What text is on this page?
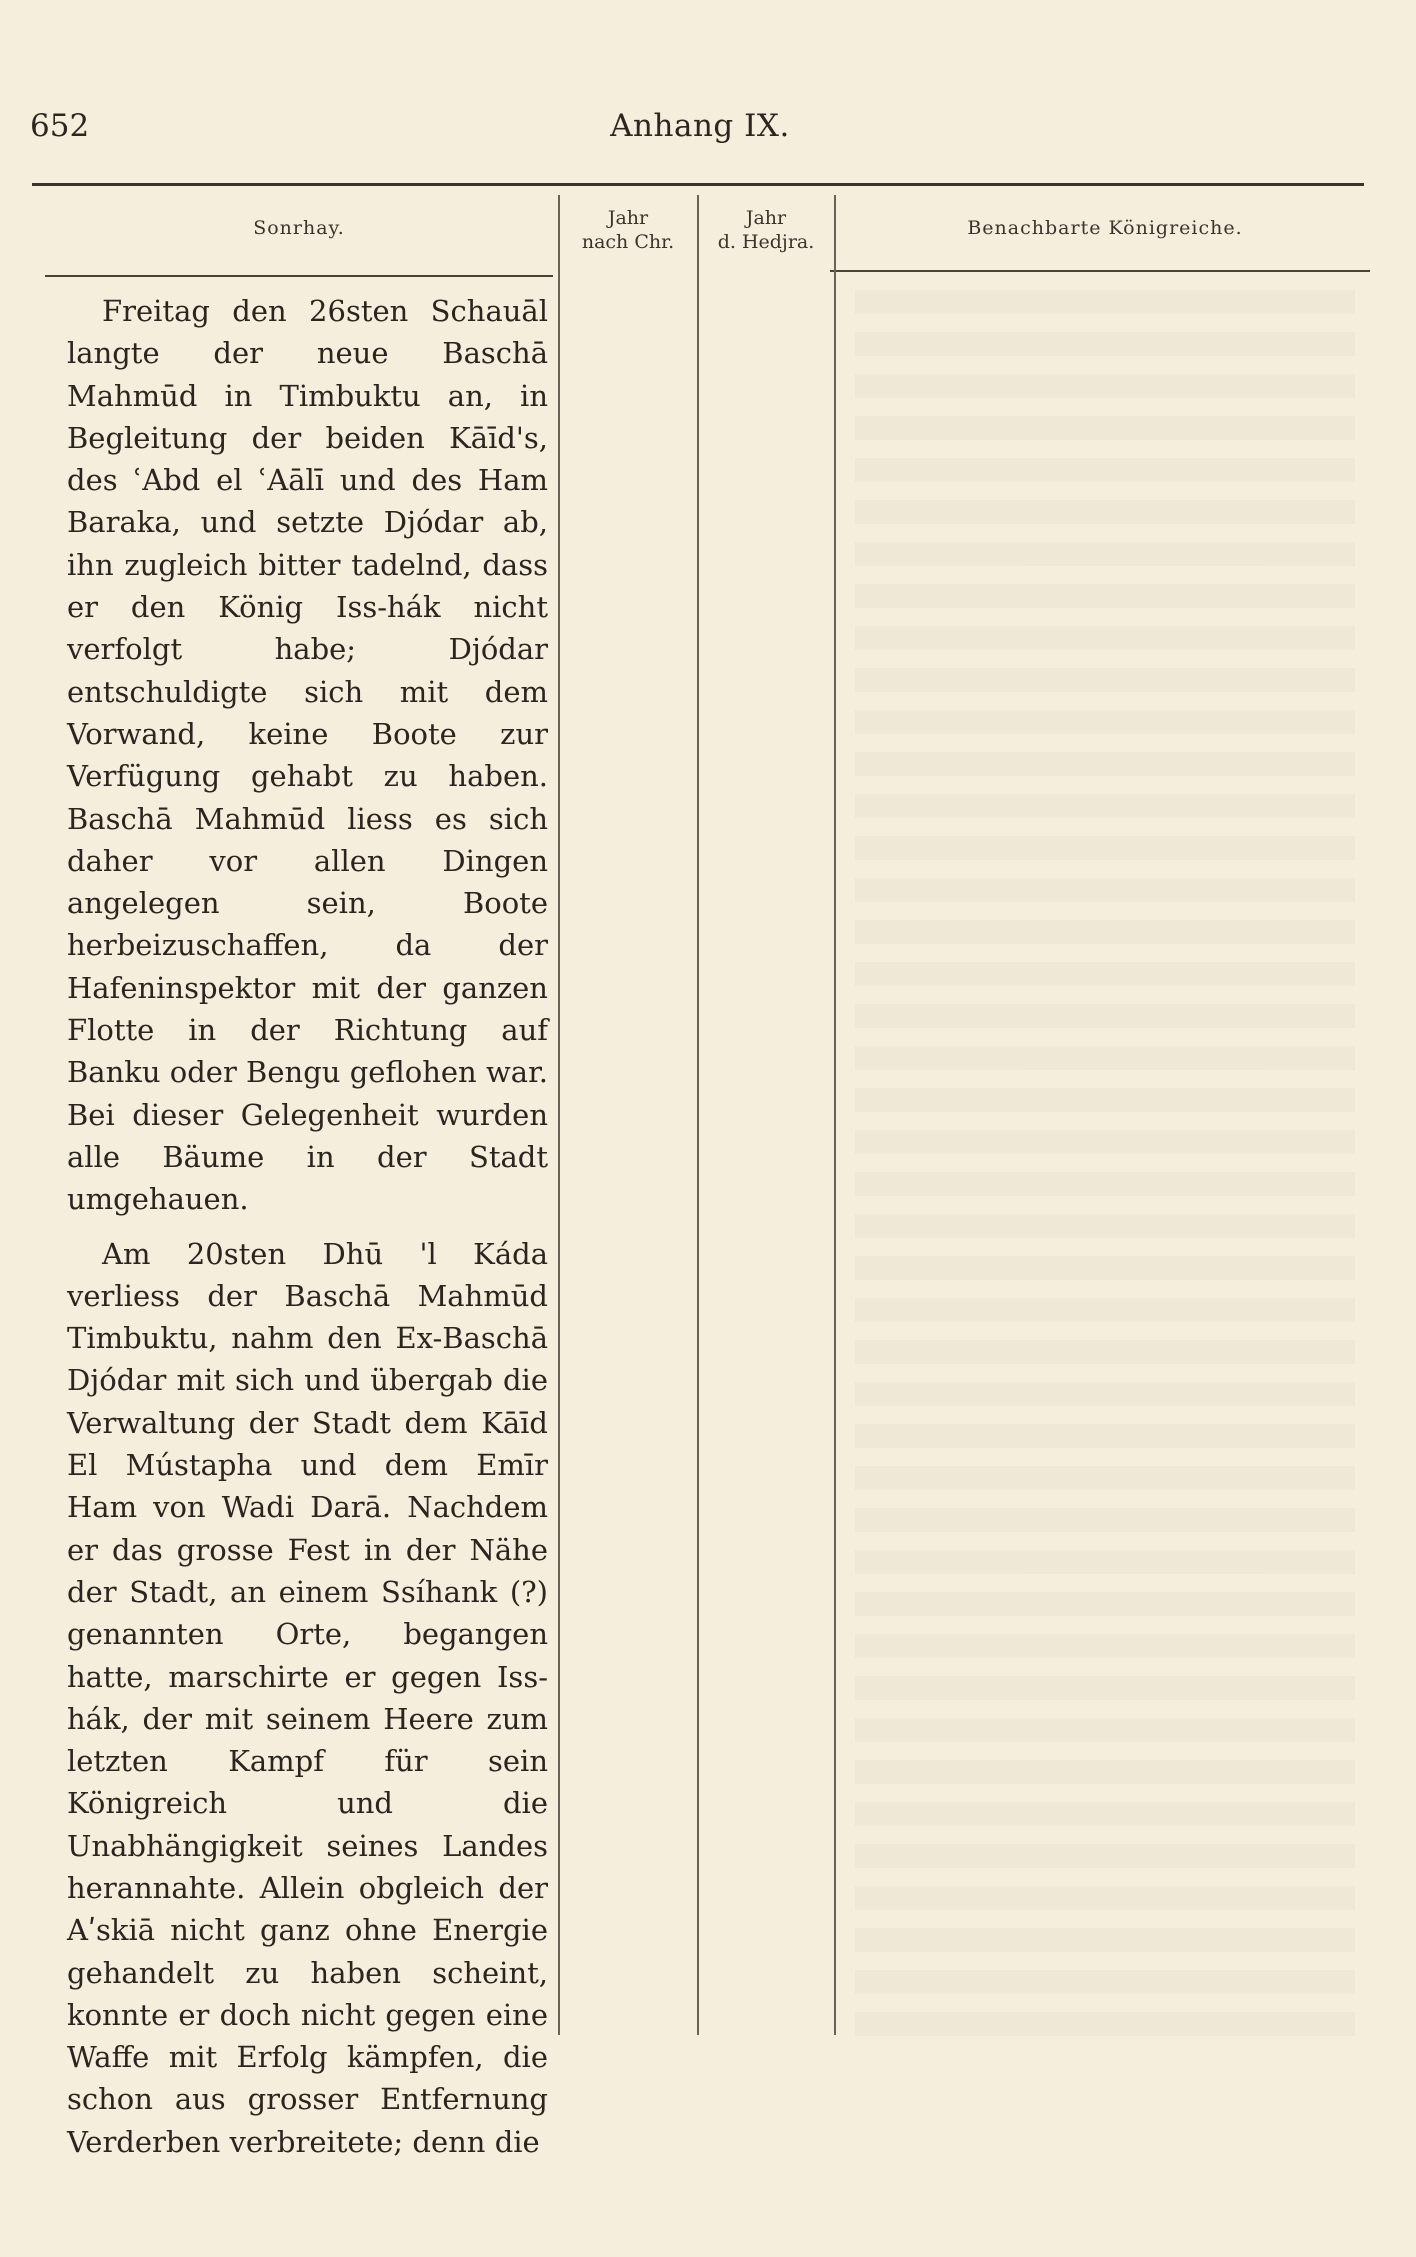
652	Anhang IX.
Sonrhay.	Jahr
nach Chr.
Jahr
d. Hedjra.
Benachbarte Königreiche.

Freitag den 26sten Schauāl langte der neue Baschā Mahmūd in Timbuktu an, in Begleitung der beiden Kāīd's, des ʿAbd el ʿAālī und des Ham Baraka, und setzte Djódar ab, ihn zugleich bitter tadelnd, dass er den König Iss-hák nicht verfolgt habe; Djódar entschuldigte sich mit dem Vorwand, keine Boote zur Verfügung gehabt zu haben. Baschā Mahmūd liess es sich daher vor allen Dingen angelegen sein, Boote herbeizuschaffen, da der Hafeninspektor mit der ganzen Flotte in der Richtung auf Banku oder Bengu geflohen war. Bei dieser Gelegenheit wurden alle Bäume in der Stadt umgehauen.

Am 20sten Dhū 'l Káda verliess der Baschā Mahmūd Timbuktu, nahm den Ex-Baschā Djódar mit sich und übergab die Verwaltung der Stadt dem Kāīd El Mústapha und dem Emīr Ham von Wadi Darā. Nachdem er das grosse Fest in der Nähe der Stadt, an einem Ssíhank (?) genannten Orte, begangen hatte, marschirte er gegen Iss-hák, der mit seinem Heere zum letzten Kampf für sein Königreich und die Unabhängigkeit seines Landes herannahte. Allein obgleich der Aʹskiā nicht ganz ohne Energie gehandelt zu haben scheint, konnte er doch nicht gegen eine Waffe mit Erfolg kämpfen, die schon aus grosser Entfernung Verderben verbreitete; denn die
